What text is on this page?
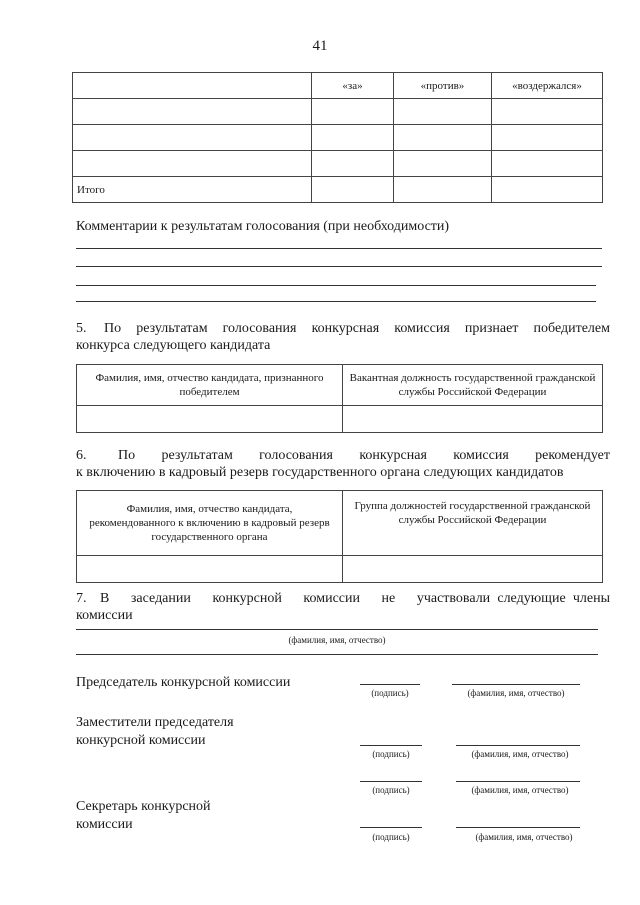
41
	«за»	«против»	«воздержался»

Итого			
Комментарии к результатам голосования (при необходимости)
5.	По   результатам   голосования   конкурсная   комиссия   признает   победителем
конкурса следующего кандидата
Фамилия, имя, отчество кандидата, признанного победителем	Вакантная должность государственной гражданской службы Российской Федерации

6.	По   результатам   голосования   конкурсная   комиссия   рекомендует
к включению в кадровый резерв государственного органа следующих кандидатов
Фамилия, имя, отчество кандидата, рекомендованного к включению в кадровый резерв государственного органа	Группа должностей государственной гражданской службы Российской Федерации

7. В   заседании   конкурсной   комиссии   не   участвовали следующие члены
комиссии
(фамилия, имя, отчество)
Председатель конкурсной комиссии
(подпись)	(фамилия, имя, отчество)
Заместители председателя
конкурсной комиссии
(подпись)	(фамилия, имя, отчество)
(подпись)	(фамилия, имя, отчество)
Секретарь конкурсной
комиссии
(подпись)	(фамилия, имя, отчество)
